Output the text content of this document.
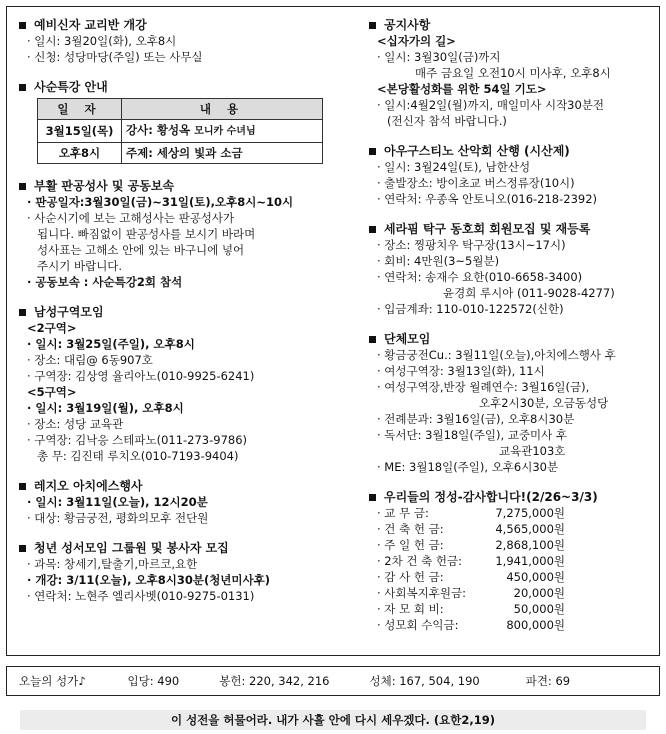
예비신자 교리반 개강
· 일시: 3월20일(화), 오후8시
· 신청: 성당마당(주일) 또는 사무실
사순특강 안내
일 자	내 용
3월15일(목)	강사: 황성옥 모니카 수녀님
오후8시	주제: 세상의 빛과 소금
부활 판공성사 및 공동보속
· 판공일자:3월30일(금)~31일(토),오후8시~10시
· 사순시기에 보는 고해성사는 판공성사가
됩니다. 빠짐없이 판공성사를 보시기 바라며
성사표는 고해소 안에 있는 바구니에 넣어
주시기 바랍니다.
· 공동보속 : 사순특강2회 참석
남성구역모임
<2구역>
· 일시: 3월25일(주일), 오후8시
· 장소: 대림@ 6동907호
· 구역장: 김상영 율리아노(010-9925-6241)
<5구역>
· 일시: 3월19일(월), 오후8시
· 장소: 성당 교육관
· 구역장: 김낙응 스테파노(011-273-9786)
총 무: 김진태 루치오(010-7193-9404)
레지오 아치에스행사
· 일시: 3월11일(오늘), 12시20분
· 대상: 황금궁전, 평화의모후 전단원
청년 성서모임 그룹원 및 봉사자 모집
· 과목: 창세기,탈출기,마르코,요한
· 개강: 3/11(오늘), 오후8시30분(청년미사후)
· 연락처: 노현주 엘리사벳(010-9275-0131)
공지사항
<십자가의 길>
· 일시: 3월30일(금)까지
매주 금요일 오전10시 미사후, 오후8시
<본당활성화를 위한 54일 기도>
· 일시:4월2일(월)까지, 매일미사 시작30분전
(전신자 참석 바랍니다.)
아우구스티노 산악회 산행 (시산제)
· 일시: 3월24일(토), 남한산성
· 출발장소: 방이초교 버스정류장(10시)
· 연락처: 우종옥 안토니오(016-218-2392)
세라핌 탁구 동호회 회원모집 및 재등록
· 장소: 찡팡치우 탁구장(13시~17시)
· 회비: 4만원(3~5월분)
· 연락처: 송재수 요한(010-6658-3400)
윤경희 루시아 (011-9028-4277)
· 입금계좌: 110-010-122572(신한)
단체모임
· 황금궁전Cu.: 3월11일(오늘),아치에스행사 후
· 여성구역장: 3월13일(화), 11시
· 여성구역장,반장 월례연수: 3월16일(금),
오후2시30분, 오금동성당
· 전례분과: 3월16일(금), 오후8시30분
· 독서단: 3월18일(주일), 교중미사 후
교육관103호
· ME: 3월18일(주일), 오후6시30분
우리들의 정성-감사합니다!(2/26~3/3)
· 교 무 금:	7,275,000원
· 건 축 헌 금:	4,565,000원
· 주 일 헌 금:	2,868,100원
· 2차 건 축 헌금:	1,941,000원
· 감 사 헌 금:	450,000원
· 사회복지후원금:	20,000원
· 자 모 회 비:	50,000원
· 성모회 수익금:	800,000원
오늘의 성가♪	입당: 490	봉헌: 220, 342, 216	성체: 167, 504, 190	파견: 69
이 성전을 허물어라. 내가 사흘 안에 다시 세우겠다. (요한2,19)
